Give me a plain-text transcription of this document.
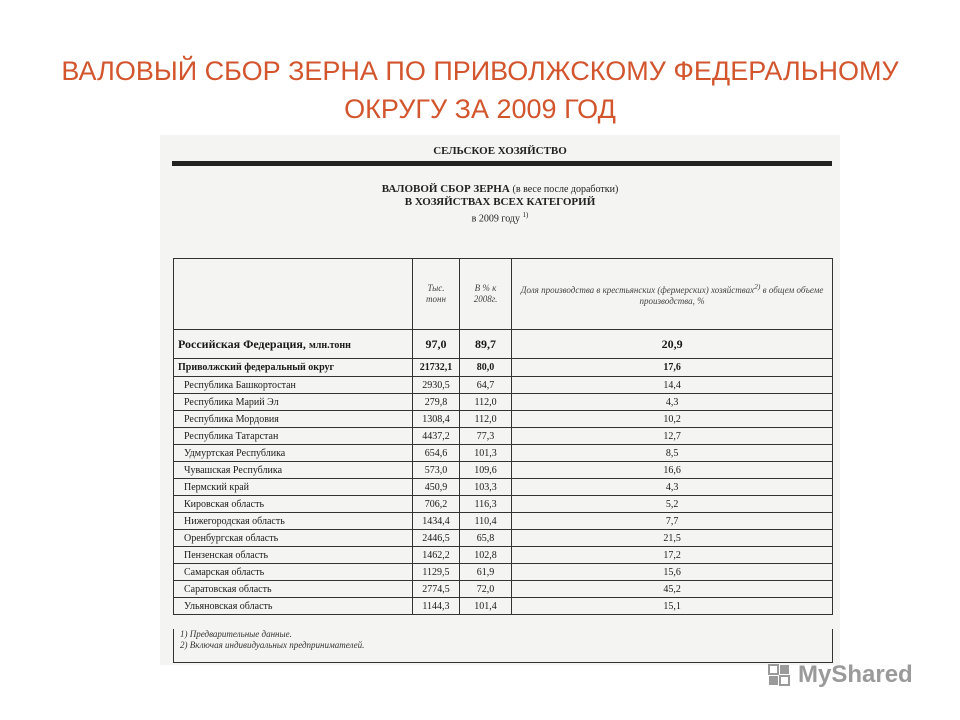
ВАЛОВЫЙ СБОР ЗЕРНА ПО ПРИВОЛЖСКОМУ ФЕДЕРАЛЬНОМУ
ОКРУГУ ЗА 2009 ГОД
СЕЛЬСКОЕ ХОЗЯЙСТВО
ВАЛОВОЙ СБОР ЗЕРНА (в весе после доработки)
В ХОЗЯЙСТВАХ ВСЕХ КАТЕГОРИЙ
в 2009 году $^{1)}$
	Тыс. тонн	В % к 2008г.	Доля производства в крестьянских (фермерских) хозяйствах$^{2)}$ в общем объеме производства, %
Российская Федерация, млн.тонн	97,0	89,7	20,9
Приволжский федеральный округ	21732,1	80,0	17,6
Республика Башкортостан	2930,5	64,7	14,4
Республика Марий Эл	279,8	112,0	4,3
Республика Мордовия	1308,4	112,0	10,2
Республика Татарстан	4437,2	77,3	12,7
Удмуртская Республика	654,6	101,3	8,5
Чувашская Республика	573,0	109,6	16,6
Пермский край	450,9	103,3	4,3
Кировская область	706,2	116,3	5,2
Нижегородская область	1434,4	110,4	7,7
Оренбургская область	2446,5	65,8	21,5
Пензенская область	1462,2	102,8	17,2
Самарская область	1129,5	61,9	15,6
Саратовская область	2774,5	72,0	45,2
Ульяновская область	1144,3	101,4	15,1
1) Предварительные данные.
2) Включая индивидуальных предпринимателей.
MyShared
